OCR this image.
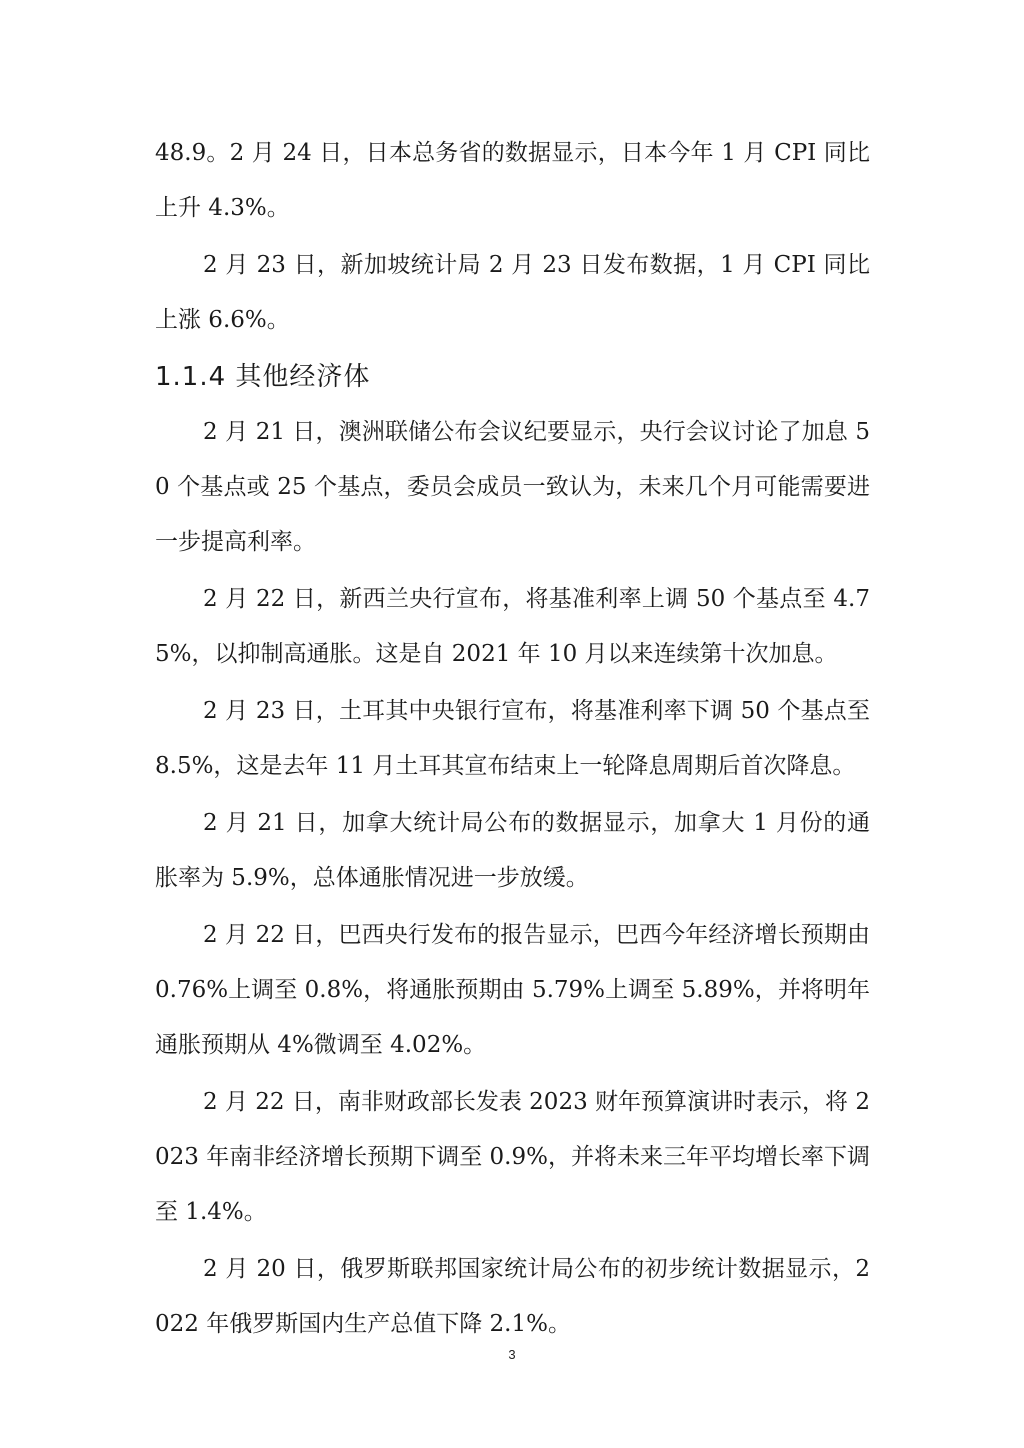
48.9。2 月 24 日，日本总务省的数据显示，日本今年 1 月 CPI 同比上升 4.3%。

2 月 23 日，新加坡统计局 2 月 23 日发布数据，1 月 CPI 同比上涨 6.6%。

1.1.4 其他经济体

2 月 21 日，澳洲联储公布会议纪要显示，央行会议讨论了加息 50 个基点或 25 个基点，委员会成员一致认为，未来几个月可能需要进一步提高利率。

2 月 22 日，新西兰央行宣布，将基准利率上调 50 个基点至 4.75%，以抑制高通胀。这是自 2021 年 10 月以来连续第十次加息。

2 月 23 日，土耳其中央银行宣布，将基准利率下调 50 个基点至 8.5%，这是去年 11 月土耳其宣布结束上一轮降息周期后首次降息。

2 月 21 日，加拿大统计局公布的数据显示，加拿大 1 月份的通胀率为 5.9%，总体通胀情况进一步放缓。

2 月 22 日，巴西央行发布的报告显示，巴西今年经济增长预期由 0.76%上调至 0.8%，将通胀预期由 5.79%上调至 5.89%，并将明年通胀预期从 4%微调至 4.02%。

2 月 22 日，南非财政部长发表 2023 财年预算演讲时表示，将 2023 年南非经济增长预期下调至 0.9%，并将未来三年平均增长率下调至 1.4%。

2 月 20 日，俄罗斯联邦国家统计局公布的初步统计数据显示，2022 年俄罗斯国内生产总值下降 2.1%。

3
